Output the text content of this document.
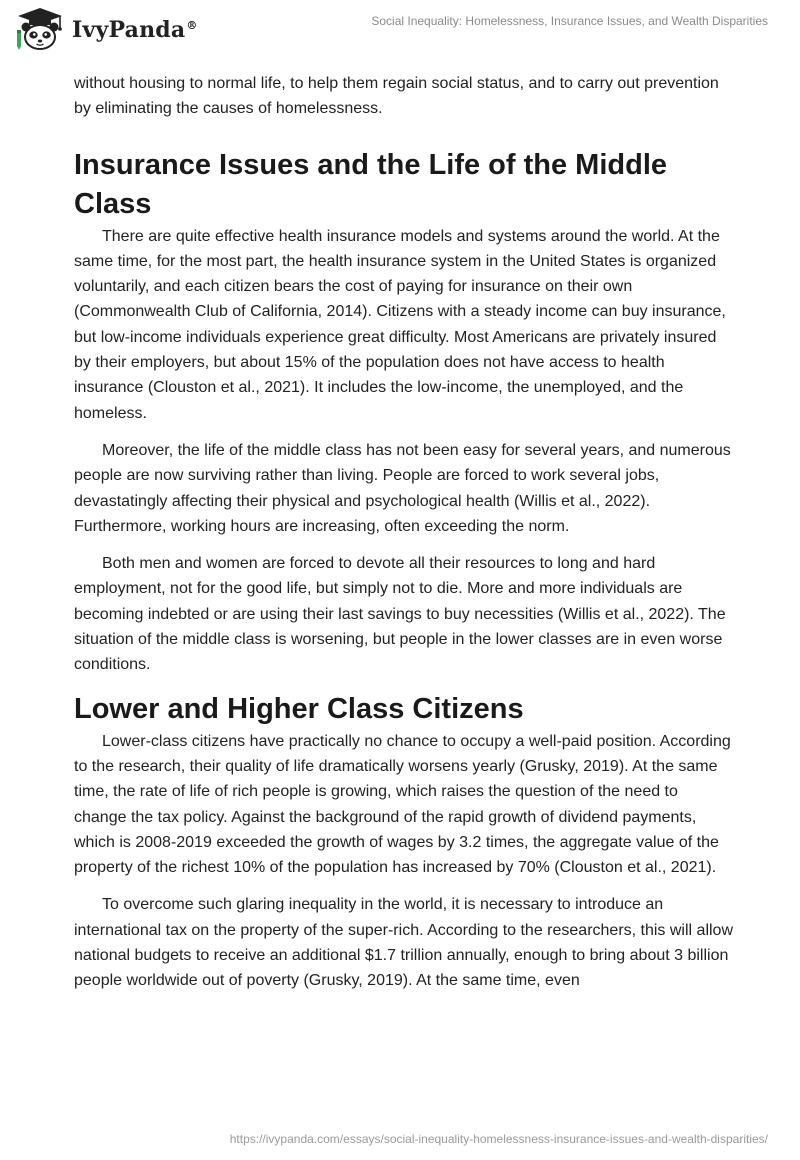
IvyPanda®	Social Inequality: Homelessness, Insurance Issues, and Wealth Disparities

without housing to normal life, to help them regain social status, and to carry out prevention by eliminating the causes of homelessness.

Insurance Issues and the Life of the Middle Class

There are quite effective health insurance models and systems around the world. At the same time, for the most part, the health insurance system in the United States is organized voluntarily, and each citizen bears the cost of paying for insurance on their own (Commonwealth Club of California, 2014). Citizens with a steady income can buy insurance, but low-income individuals experience great difficulty. Most Americans are privately insured by their employers, but about 15% of the population does not have access to health insurance (Clouston et al., 2021). It includes the low-income, the unemployed, and the homeless.

Moreover, the life of the middle class has not been easy for several years, and numerous people are now surviving rather than living. People are forced to work several jobs, devastatingly affecting their physical and psychological health (Willis et al., 2022). Furthermore, working hours are increasing, often exceeding the norm.

Both men and women are forced to devote all their resources to long and hard employment, not for the good life, but simply not to die. More and more individuals are becoming indebted or are using their last savings to buy necessities (Willis et al., 2022). The situation of the middle class is worsening, but people in the lower classes are in even worse conditions.

Lower and Higher Class Citizens

Lower-class citizens have practically no chance to occupy a well-paid position. According to the research, their quality of life dramatically worsens yearly (Grusky, 2019). At the same time, the rate of life of rich people is growing, which raises the question of the need to change the tax policy. Against the background of the rapid growth of dividend payments, which is 2008-2019 exceeded the growth of wages by 3.2 times, the aggregate value of the property of the richest 10% of the population has increased by 70% (Clouston et al., 2021).

To overcome such glaring inequality in the world, it is necessary to introduce an international tax on the property of the super-rich. According to the researchers, this will allow national budgets to receive an additional $1.7 trillion annually, enough to bring about 3 billion people worldwide out of poverty (Grusky, 2019). At the same time, even

https://ivypanda.com/essays/social-inequality-homelessness-insurance-issues-and-wealth-disparities/
